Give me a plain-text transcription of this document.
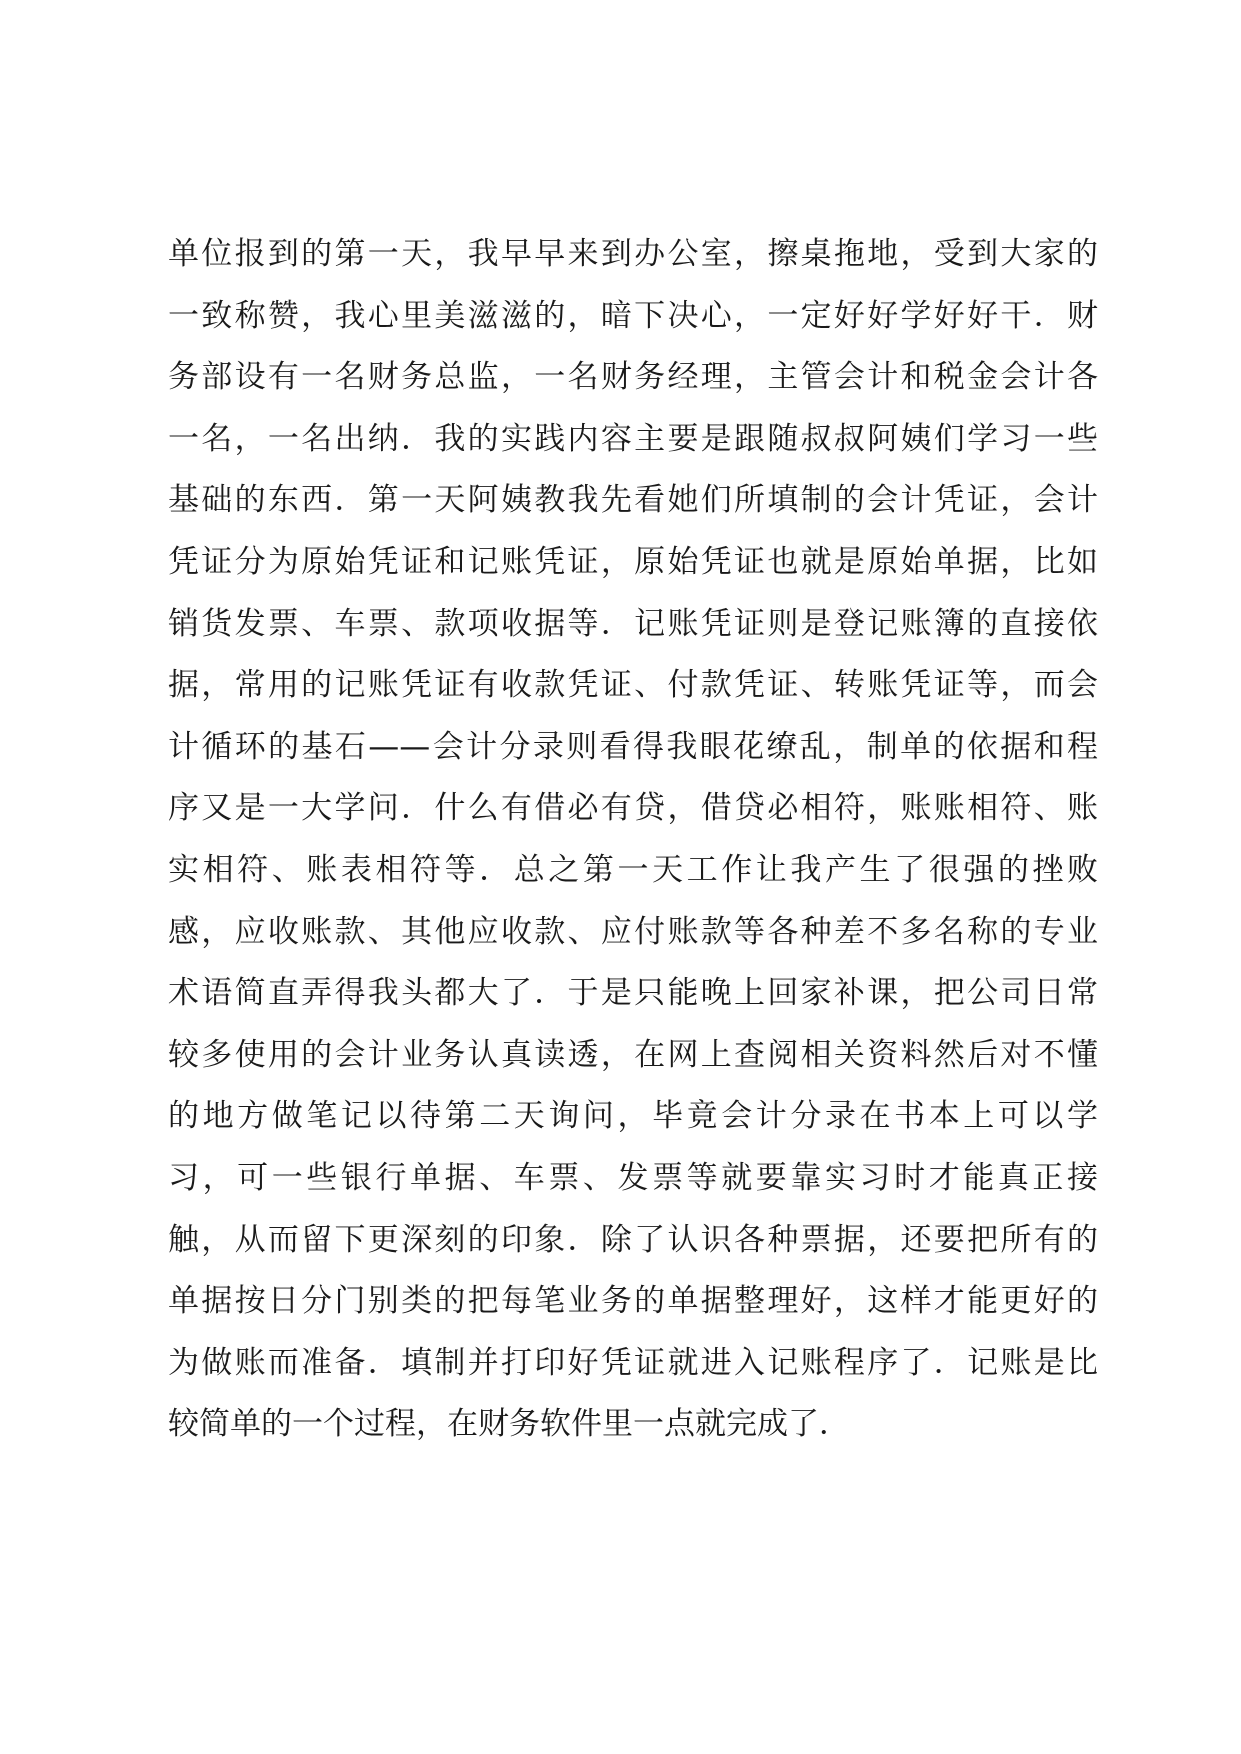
单位报到的第一天，我早早来到办公室，擦桌拖地，受到大家的
一致称赞，我心里美滋滋的，暗下决心，一定好好学好好干．财
务部设有一名财务总监，一名财务经理，主管会计和税金会计各
一名，一名出纳．我的实践内容主要是跟随叔叔阿姨们学习一些
基础的东西．第一天阿姨教我先看她们所填制的会计凭证，会计
凭证分为原始凭证和记账凭证，原始凭证也就是原始单据，比如
销货发票、车票、款项收据等．记账凭证则是登记账簿的直接依
据，常用的记账凭证有收款凭证、付款凭证、转账凭证等，而会
计循环的基石——会计分录则看得我眼花缭乱，制单的依据和程
序又是一大学问．什么有借必有贷，借贷必相符，账账相符、账
实相符、账表相符等．总之第一天工作让我产生了很强的挫败
感，应收账款、其他应收款、应付账款等各种差不多名称的专业
术语简直弄得我头都大了．于是只能晚上回家补课，把公司日常
较多使用的会计业务认真读透，在网上查阅相关资料然后对不懂
的地方做笔记以待第二天询问，毕竟会计分录在书本上可以学
习，可一些银行单据、车票、发票等就要靠实习时才能真正接
触，从而留下更深刻的印象．除了认识各种票据，还要把所有的
单据按日分门别类的把每笔业务的单据整理好，这样才能更好的
为做账而准备．填制并打印好凭证就进入记账程序了．记账是比
较简单的一个过程，在财务软件里一点就完成了．
